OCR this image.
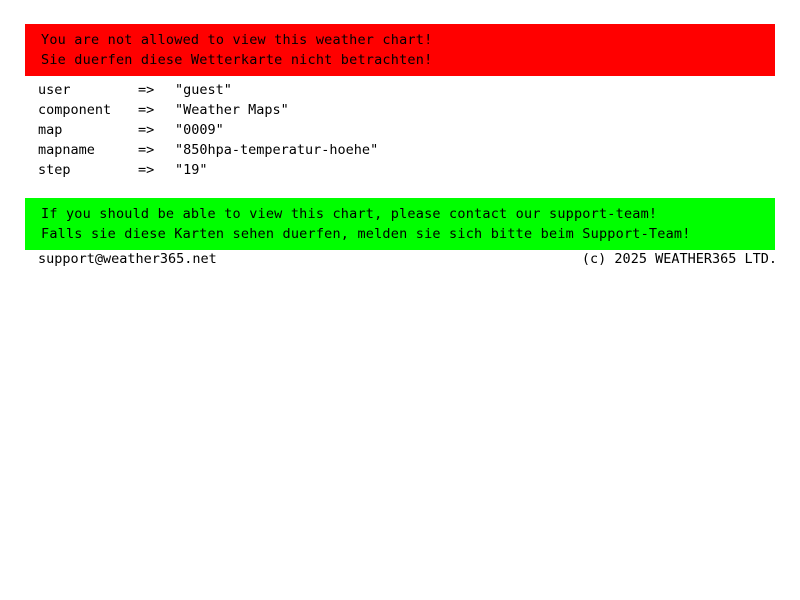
You are not allowed to view this weather chart!
Sie duerfen diese Wetterkarte nicht betrachten!
user	=>	"guest"
component	=>	"Weather Maps"
map	=>	"0009"
mapname	=>	"850hpa-temperatur-hoehe"
step	=>	"19"
If you should be able to view this chart, please contact our support-team!
Falls sie diese Karten sehen duerfen, melden sie sich bitte beim Support-Team!
support@weather365.net	(c) 2025 WEATHER365 LTD.
